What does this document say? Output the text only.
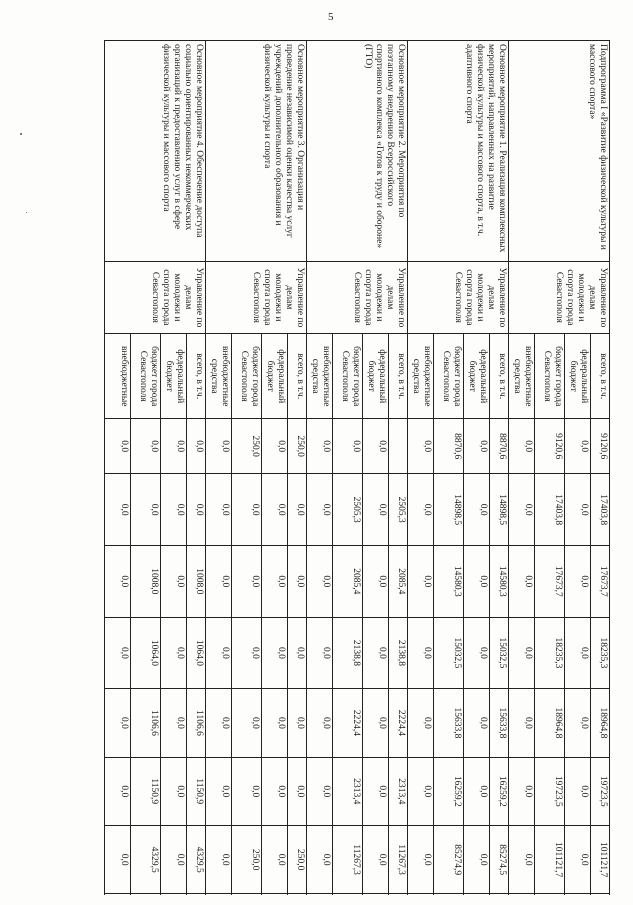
5
Подпрограмма I «Развитие физической культуры и массового спорта»	Управление по делам молодежи и спорта города Севастополя	всего, в т.ч.	9120,6	17403,8	17673,7	18235,3	18964,8	19723,5	101121,7	
		федеральный бюджет	0,0	0,0	0,0	0,0	0,0	0,0	0,0	
		бюджет города Севастополя	9120,6	17403,8	17673,7	18235,3	18964,8	19723,5	101121,7	
		внебюджетные средства	0,0	0,0	0,0	0,0	0,0	0,0	0,0	
Основное мероприятие 1. Реализация комплексных мероприятий, направленных на развитие физической культуры и массового спорта, в т.ч. адаптивного спорта	Управление по делам молодежи и спорта города Севастополя	всего, в т.ч.	8870,6	14898,5	14580,3	15032,5	15633,8	16259,2	85274,5	
		федеральный бюджет	0,0	0,0	0,0	0,0	0,0	0,0	0,0	
		бюджет города Севастополя	8870,6	14898,5	14580,3	15032,5	15633,8	16259,2	85274,9	
		внебюджетные средства	0,0	0,0	0,0	0,0	0,0	0,0	0,0	
Основное мероприятие 2. Мероприятия по поэтапному внедрению Всероссийского спортивного комплекса «Готов к труду и обороне» (ГТО)	Управление по делам молодежи и спорта города Севастополя	всего, в т.ч.		2505,3	2085,4	2138,8	2224,4	2313,4	11267,3	
		федеральный бюджет	0,0	0,0	0,0	0,0	0,0	0,0	0,0	
		бюджет города Севастополя	0,0	2505,3	2085,4	2138,8	2224,4	2313,4	11267,3	
		внебюджетные средства	0,0	0,0	0,0	0,0	0,0	0,0	0,0	
Основное мероприятие 3. Организация и проведение независимой оценки качества услуг учреждений дополнительного образования и физической культуры и спорта	Управление по делам молодежи и спорта города Севастополя	всего, в т.ч.	250,0	0,0	0,0	0,0	0,0	0,0	250,0	
		федеральный бюджет	0,0	0,0	0,0	0,0	0,0	0,0	0,0	
		бюджет города Севастополя	250,0	0,0	0,0	0,0	0,0	0,0	250,0	
		внебюджетные средства	0,0	0,0	0,0	0,0	0,0	0,0	0,0	
Основное мероприятие 4. Обеспечение доступа социально ориентированных некоммерческих организаций к предоставлению услуг в сфере физической культуры и массового спорта	Управление по делам молодежи и спорта города Севастополя	всего, в т.ч.	0,0	0,0	1008,0	1064,0	1106,6	1150,9	4329,5	
		федеральный бюджет	0,0	0,0	0,0	0,0	0,0	0,0	0,0	
		бюджет города Севастополя	0,0	0,0	1008,0	1064,0	1106,6	1150,9	4329,5	
		внебюджетные	0,0	0,0	0,0	0,0	0,0	0,0	0,0	
